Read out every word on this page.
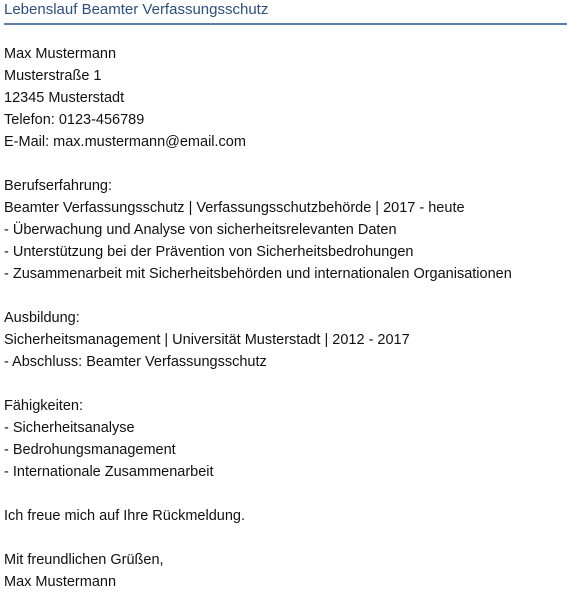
Lebenslauf Beamter Verfassungsschutz
Max Mustermann
Musterstraße 1
12345 Musterstadt
Telefon: 0123-456789
E-Mail: max.mustermann@email.com
Berufserfahrung:
Beamter Verfassungsschutz | Verfassungsschutzbehörde | 2017 - heute
- Überwachung und Analyse von sicherheitsrelevanten Daten
- Unterstützung bei der Prävention von Sicherheitsbedrohungen
- Zusammenarbeit mit Sicherheitsbehörden und internationalen Organisationen
Ausbildung:
Sicherheitsmanagement | Universität Musterstadt | 2012 - 2017
- Abschluss: Beamter Verfassungsschutz
Fähigkeiten:
- Sicherheitsanalyse
- Bedrohungsmanagement
- Internationale Zusammenarbeit
Ich freue mich auf Ihre Rückmeldung.
Mit freundlichen Grüßen,
Max Mustermann
